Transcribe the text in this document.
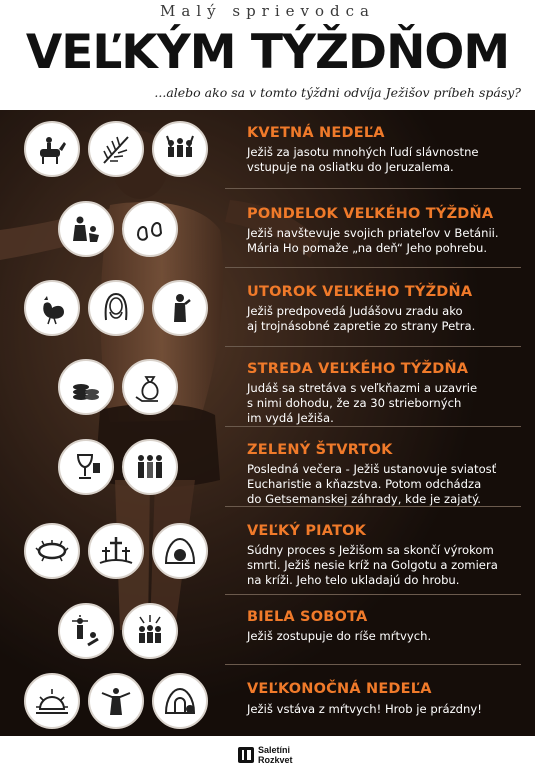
Malý sprievodca
VEĽKÝM TÝŽDŇOM
...alebo ako sa v tomto týždni odvíja Ježišov príbeh spásy?
KVETNÁ NEDEĽA
Ježiš za jasotu mnohých ľudí slávnostne
vstupuje na osliatku do Jeruzalema.
PONDELOK VEĽKÉHO TÝŽDŇA
Ježiš navštevuje svojich priateľov v Betánii.
Mária Ho pomaže „na deň“ Jeho pohrebu.
UTOROK VEĽKÉHO TÝŽDŇA
Ježiš predpovedá Judášovu zradu ako
aj trojnásobné zapretie zo strany Petra.
STREDA VEĽKÉHO TÝŽDŇA
Judáš sa stretáva s veľkňazmi a uzavrie
s nimi dohodu, že za 30 strieborných
im vydá Ježiša.
ZELENÝ ŠTVRTOK
Posledná večera - Ježiš ustanovuje sviatosť
Eucharistie a kňazstva. Potom odchádza
do Getsemanskej záhrady, kde je zajatý.
VEĽKÝ PIATOK
Súdny proces s Ježišom sa skončí výrokom
smrti. Ježiš nesie kríž na Golgotu a zomiera
na kríži. Jeho telo ukladajú do hrobu.
BIELA SOBOTA
Ježiš zostupuje do ríše mŕtvych.
VEĽKONOČNÁ NEDEĽA
Ježiš vstáva z mŕtvych! Hrob je prázdny!
Saletíni
Rozkvet
